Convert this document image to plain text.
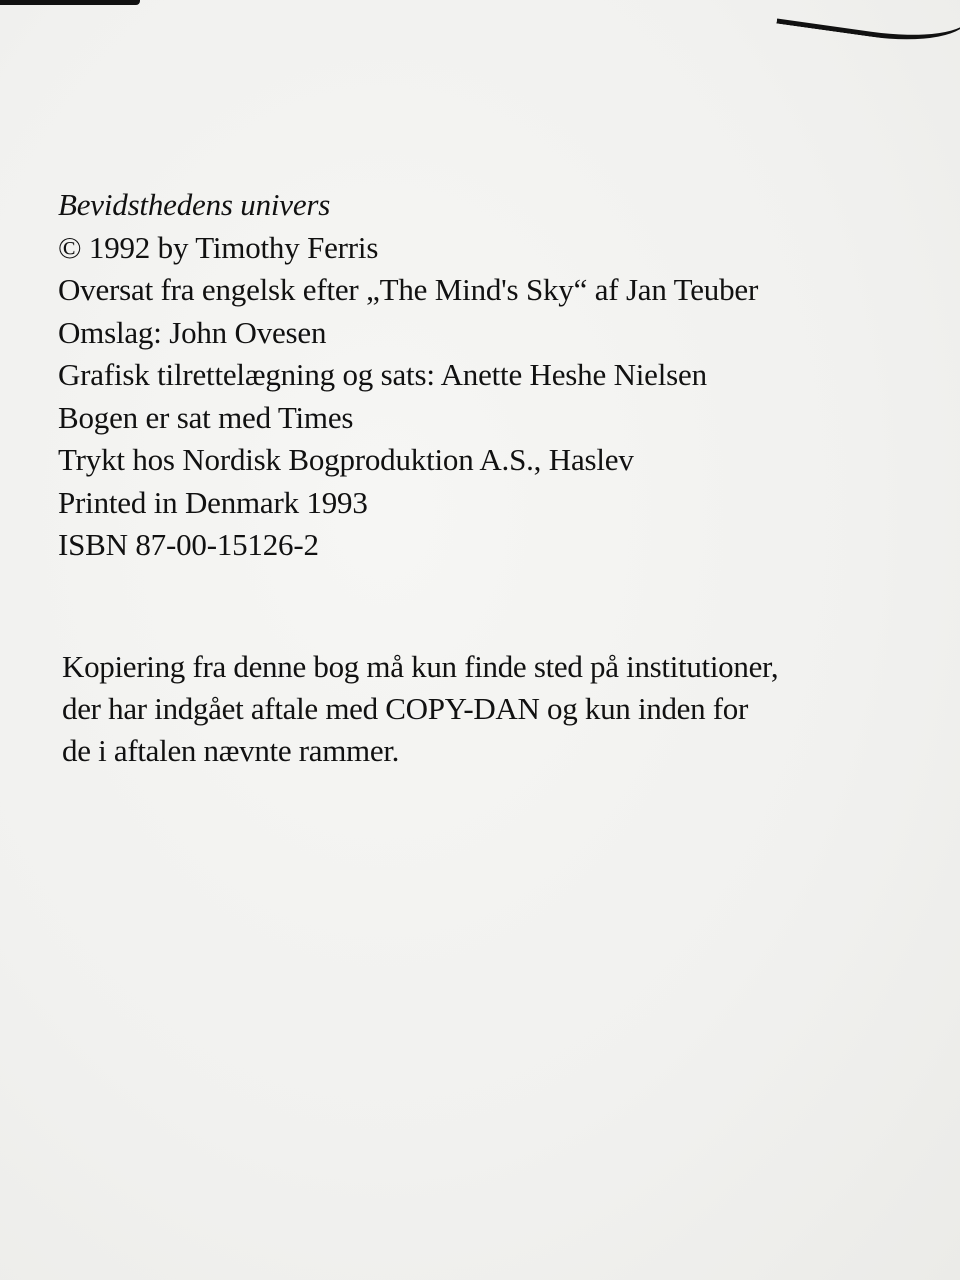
Bevidsthedens univers
© 1992 by Timothy Ferris
Oversat fra engelsk efter „The Mind's Sky“ af Jan Teuber
Omslag: John Ovesen
Grafisk tilrettelægning og sats: Anette Heshe Nielsen
Bogen er sat med Times
Trykt hos Nordisk Bogproduktion A.S., Haslev
Printed in Denmark 1993
ISBN 87-00-15126-2
Kopiering fra denne bog må kun finde sted på institutioner,
der har indgået aftale med COPY-DAN og kun inden for
de i aftalen nævnte rammer.
